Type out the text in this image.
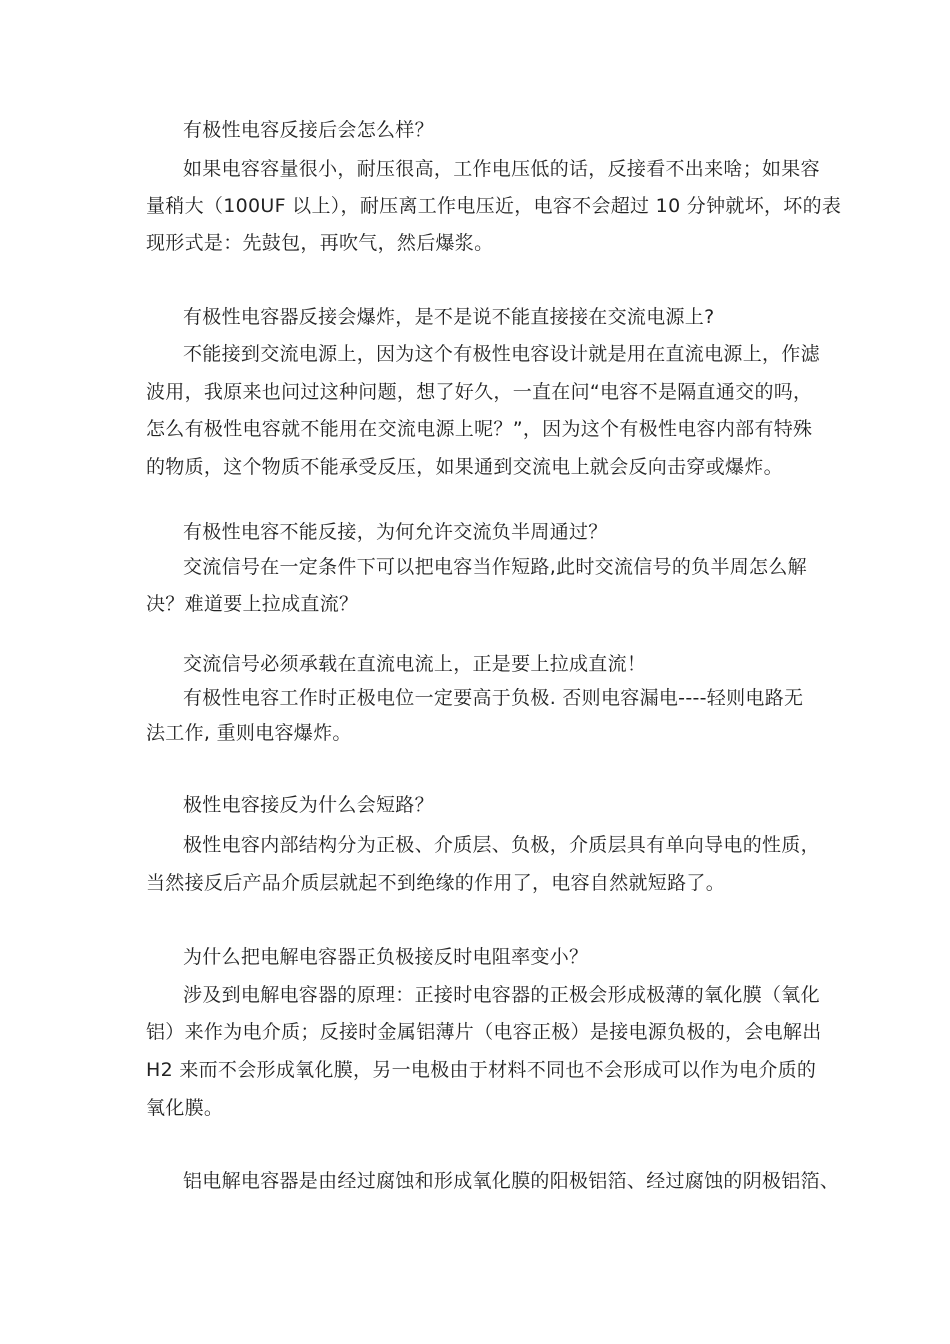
有极性电容反接后会怎么样？
如果电容容量很小，耐压很高，工作电压低的话，反接看不出来啥；如果容
量稍大（100UF 以上），耐压离工作电压近，电容不会超过 10 分钟就坏，坏的表
现形式是：先鼓包，再吹气，然后爆浆。
有极性电容器反接会爆炸，是不是说不能直接接在交流电源上?
不能接到交流电源上，因为这个有极性电容设计就是用在直流电源上，作滤
波用，我原来也问过这种问题，想了好久，一直在问“电容不是隔直通交的吗，
怎么有极性电容就不能用在交流电源上呢？”，因为这个有极性电容内部有特殊
的物质，这个物质不能承受反压，如果通到交流电上就会反向击穿或爆炸。
有极性电容不能反接，为何允许交流负半周通过？
交流信号在一定条件下可以把电容当作短路,此时交流信号的负半周怎么解
决？难道要上拉成直流？
交流信号必须承载在直流电流上，正是要上拉成直流！
有极性电容工作时正极电位一定要高于负极. 否则电容漏电----轻则电路无
法工作, 重则电容爆炸。
极性电容接反为什么会短路？
极性电容内部结构分为正极、介质层、负极，介质层具有单向导电的性质，
当然接反后产品介质层就起不到绝缘的作用了，电容自然就短路了。
为什么把电解电容器正负极接反时电阻率变小？
涉及到电解电容器的原理：正接时电容器的正极会形成极薄的氧化膜（氧化
铝）来作为电介质；反接时金属铝薄片（电容正极）是接电源负极的，会电解出
H2 来而不会形成氧化膜，另一电极由于材料不同也不会形成可以作为电介质的
氧化膜。
铝电解电容器是由经过腐蚀和形成氧化膜的阳极铝箔、经过腐蚀的阴极铝箔、
